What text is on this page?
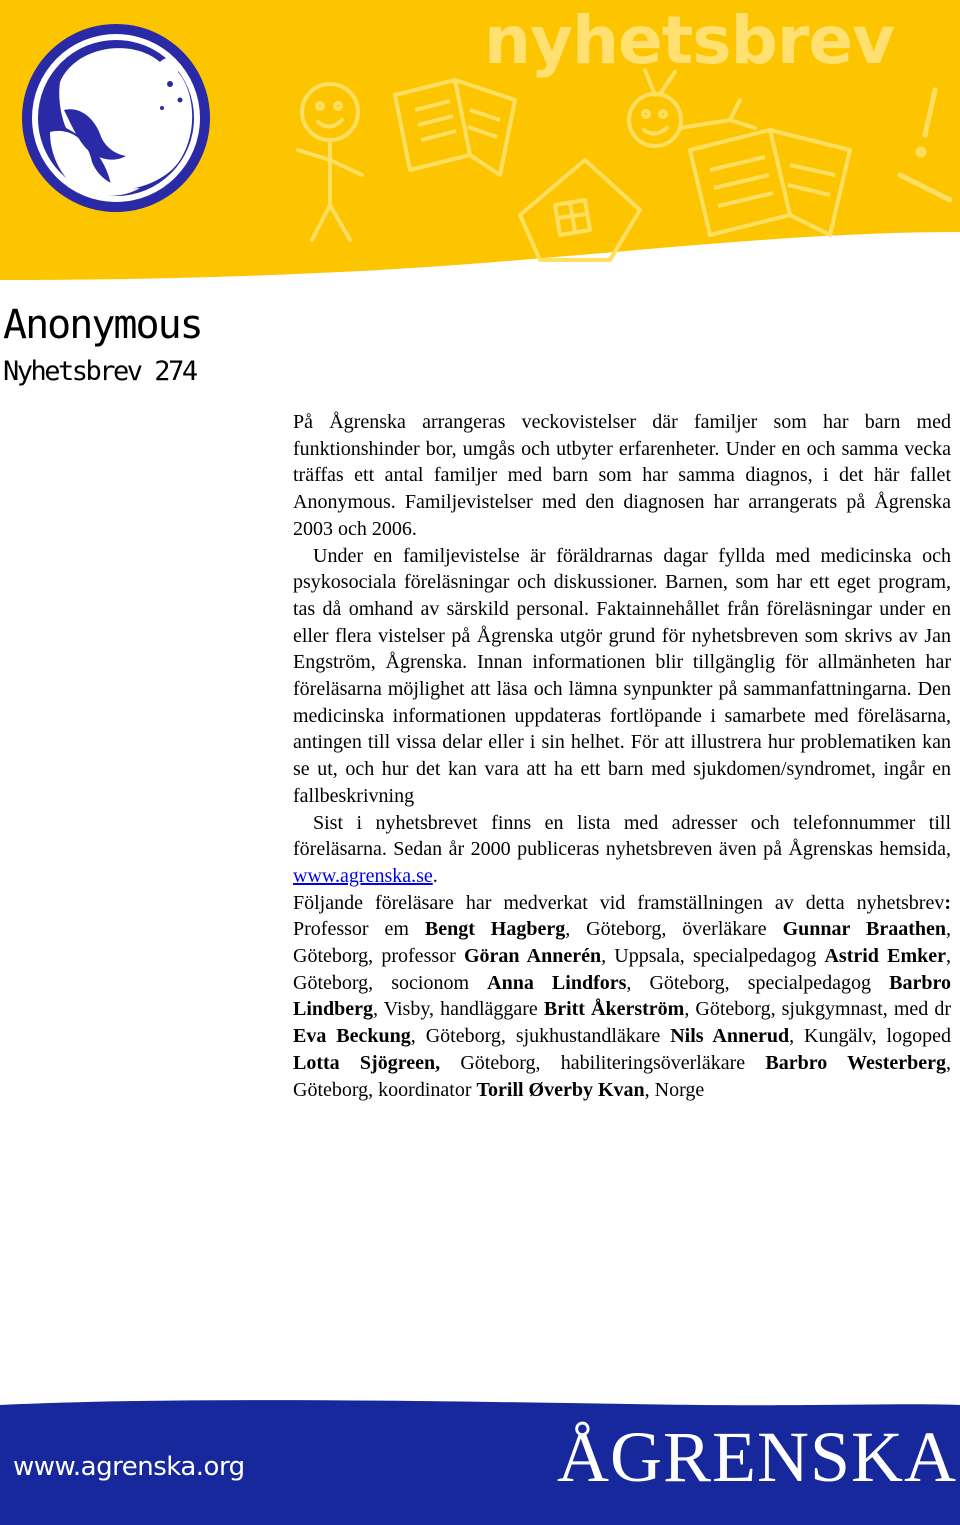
nyhetsbrev
Anonymous
Nyhetsbrev 274

På Ågrenska arrangeras veckovistelser där familjer som har barn med funktionshinder bor, umgås och utbyter erfarenheter. Under en och samma vecka träffas ett antal familjer med barn som har samma diagnos, i det här fallet Anonymous. Familjevistelser med den diagnosen har arrangerats på Ågrenska 2003 och 2006.

Under en familjevistelse är föräldrarnas dagar fyllda med medicinska och psykosociala föreläsningar och diskussioner. Barnen, som har ett eget program, tas då omhand av särskild personal. Faktainnehållet från föreläsningar under en eller flera vistelser på Ågrenska utgör grund för nyhetsbreven som skrivs av Jan Engström, Ågrenska. Innan informationen blir tillgänglig för allmänheten har föreläsarna möjlighet att läsa och lämna synpunkter på sammanfattningarna. Den medicinska informationen uppdateras fortlöpande i samarbete med föreläsarna, antingen till vissa delar eller i sin helhet. För att illustrera hur problematiken kan se ut, och hur det kan vara att ha ett barn med sjukdomen/syndromet, ingår en fallbeskrivning

Sist i nyhetsbrevet finns en lista med adresser och telefonnummer till föreläsarna. Sedan år 2000 publiceras nyhetsbreven även på Ågrenskas hemsida, www.agrenska.se.

Följande föreläsare har medverkat vid framställningen av detta nyhetsbrev: Professor em Bengt Hagberg, Göteborg, överläkare Gunnar Braathen, Göteborg, professor Göran Annerén, Uppsala, specialpedagog Astrid Emker, Göteborg, socionom Anna Lindfors, Göteborg, specialpedagog Barbro Lindberg, Visby, handläggare Britt Åkerström, Göteborg, sjukgymnast, med dr Eva Beckung, Göteborg, sjukhustandläkare Nils Annerud, Kungälv, logoped Lotta Sjögreen, Göteborg, habiliteringsöverläkare Barbro Westerberg, Göteborg, koordinator Torill Øverby Kvan, Norge

www.agrenska.org	ÅGRENSKA
